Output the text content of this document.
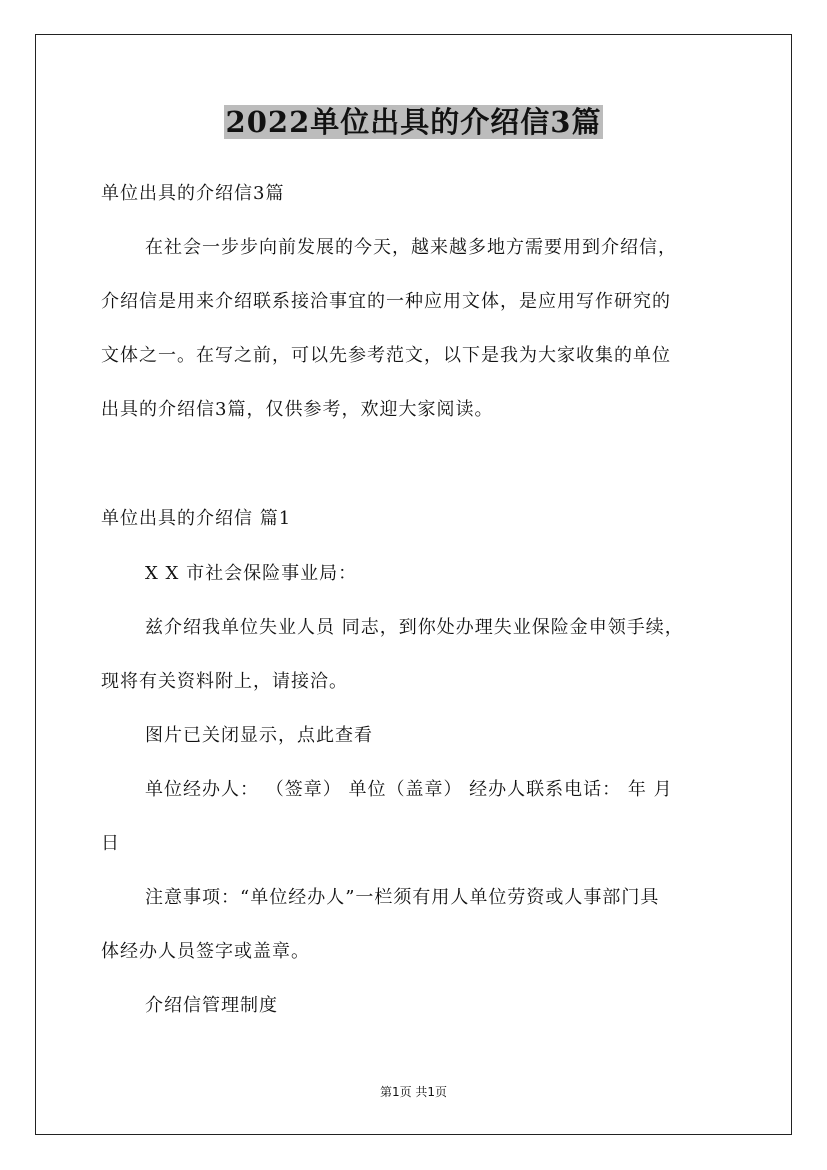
2022单位出具的介绍信3篇
单位出具的介绍信3篇
在社会一步步向前发展的今天，越来越多地方需要用到介绍信，
介绍信是用来介绍联系接洽事宜的一种应用文体，是应用写作研究的
文体之一。在写之前，可以先参考范文，以下是我为大家收集的单位
出具的介绍信3篇，仅供参考，欢迎大家阅读。
单位出具的介绍信 篇1
X X 市社会保险事业局：
兹介绍我单位失业人员 同志，到你处办理失业保险金申领手续，
现将有关资料附上，请接洽。
图片已关闭显示，点此查看
单位经办人： （签章） 单位（盖章） 经办人联系电话： 年 月
日
注意事项：“单位经办人”一栏须有用人单位劳资或人事部门具
体经办人员签字或盖章。
介绍信管理制度
第1页 共1页
